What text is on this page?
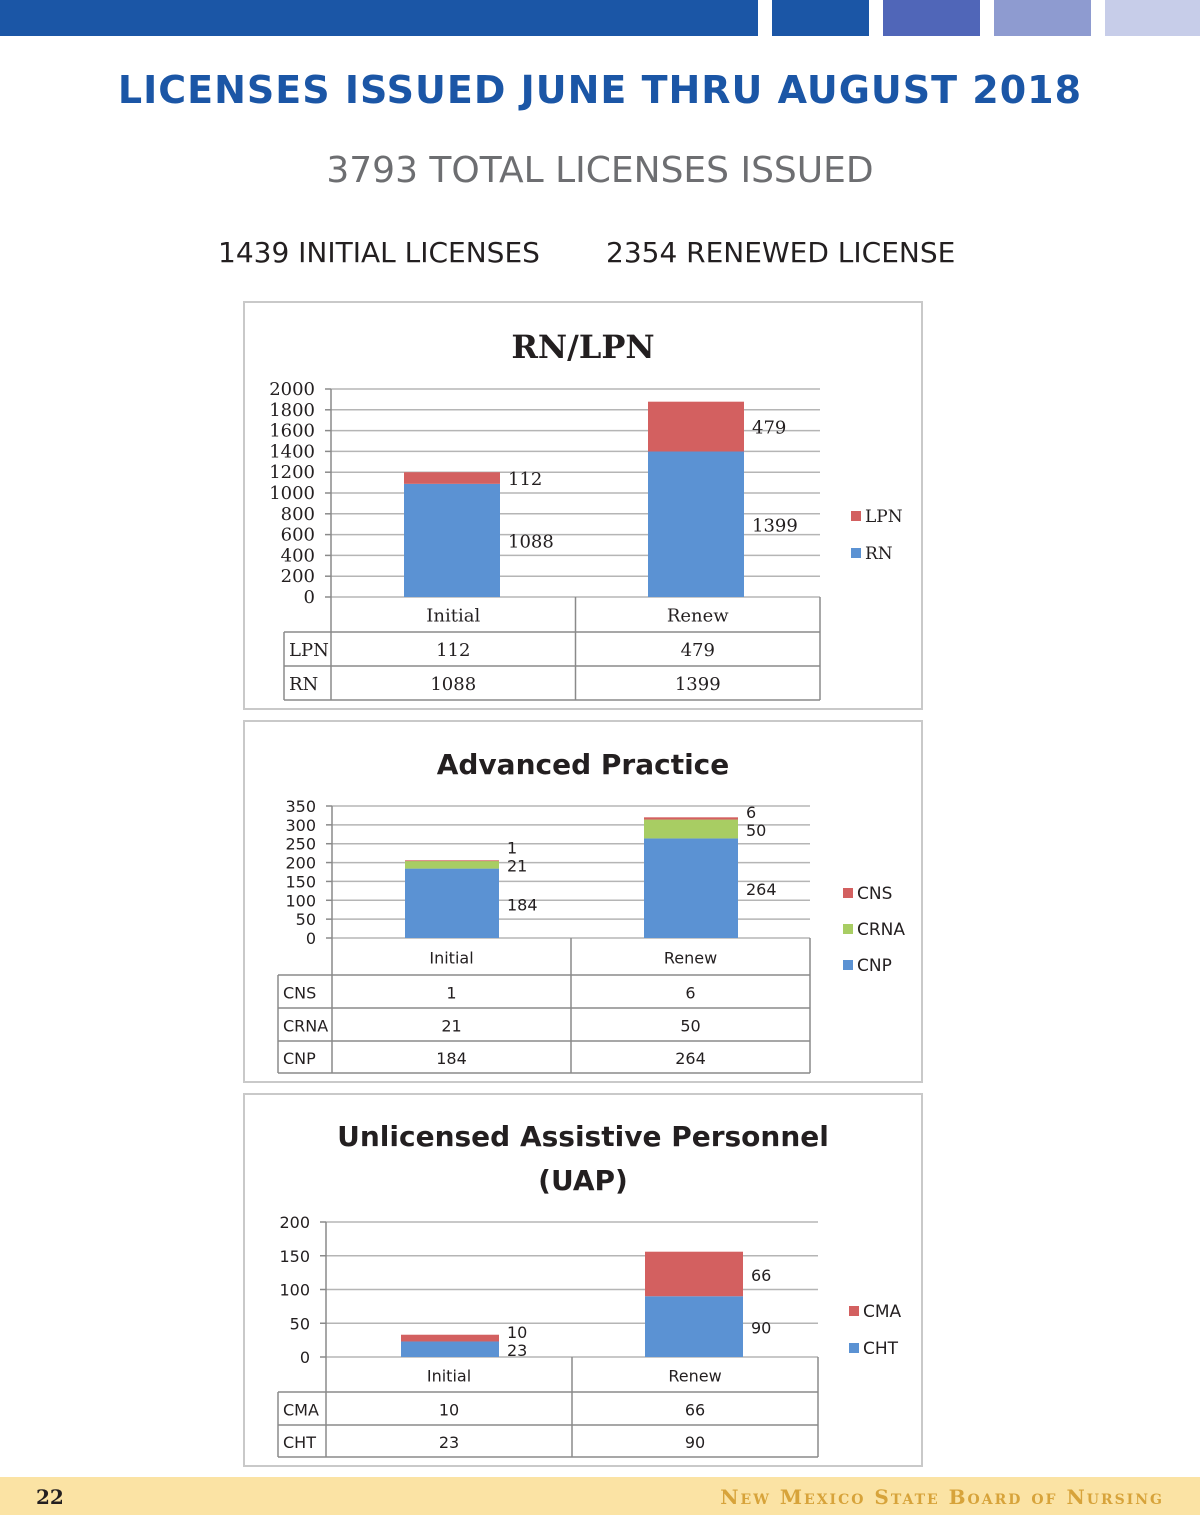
LICENSES ISSUED JUNE THRU AUGUST 2018
3793 TOTAL LICENSES ISSUED
1439 INITIAL LICENSES 2354 RENEWED LICENSE
RN/LPN
0
200
400
600
800
1000
1200
1400
1600
1800
2000
1088
112
1399
479
Initial	Renew
LPN	112	479
RN	1088	1399
LPN
RN
Advanced Practice
0
50
100
150
200
250
300
350
184
21
1
264
50
6
Initial	Renew
CNS	1	6
CRNA	21	50
CNP	184	264
CNS
CRNA
CNP
Unlicensed Assistive Personnel
(UAP)
0
50
100
150
200
23
10	90
66
Initial	Renew
CMA	10	66
CHT	23	90
CMA
CHT
22	New Mexico State Board of Nursing
